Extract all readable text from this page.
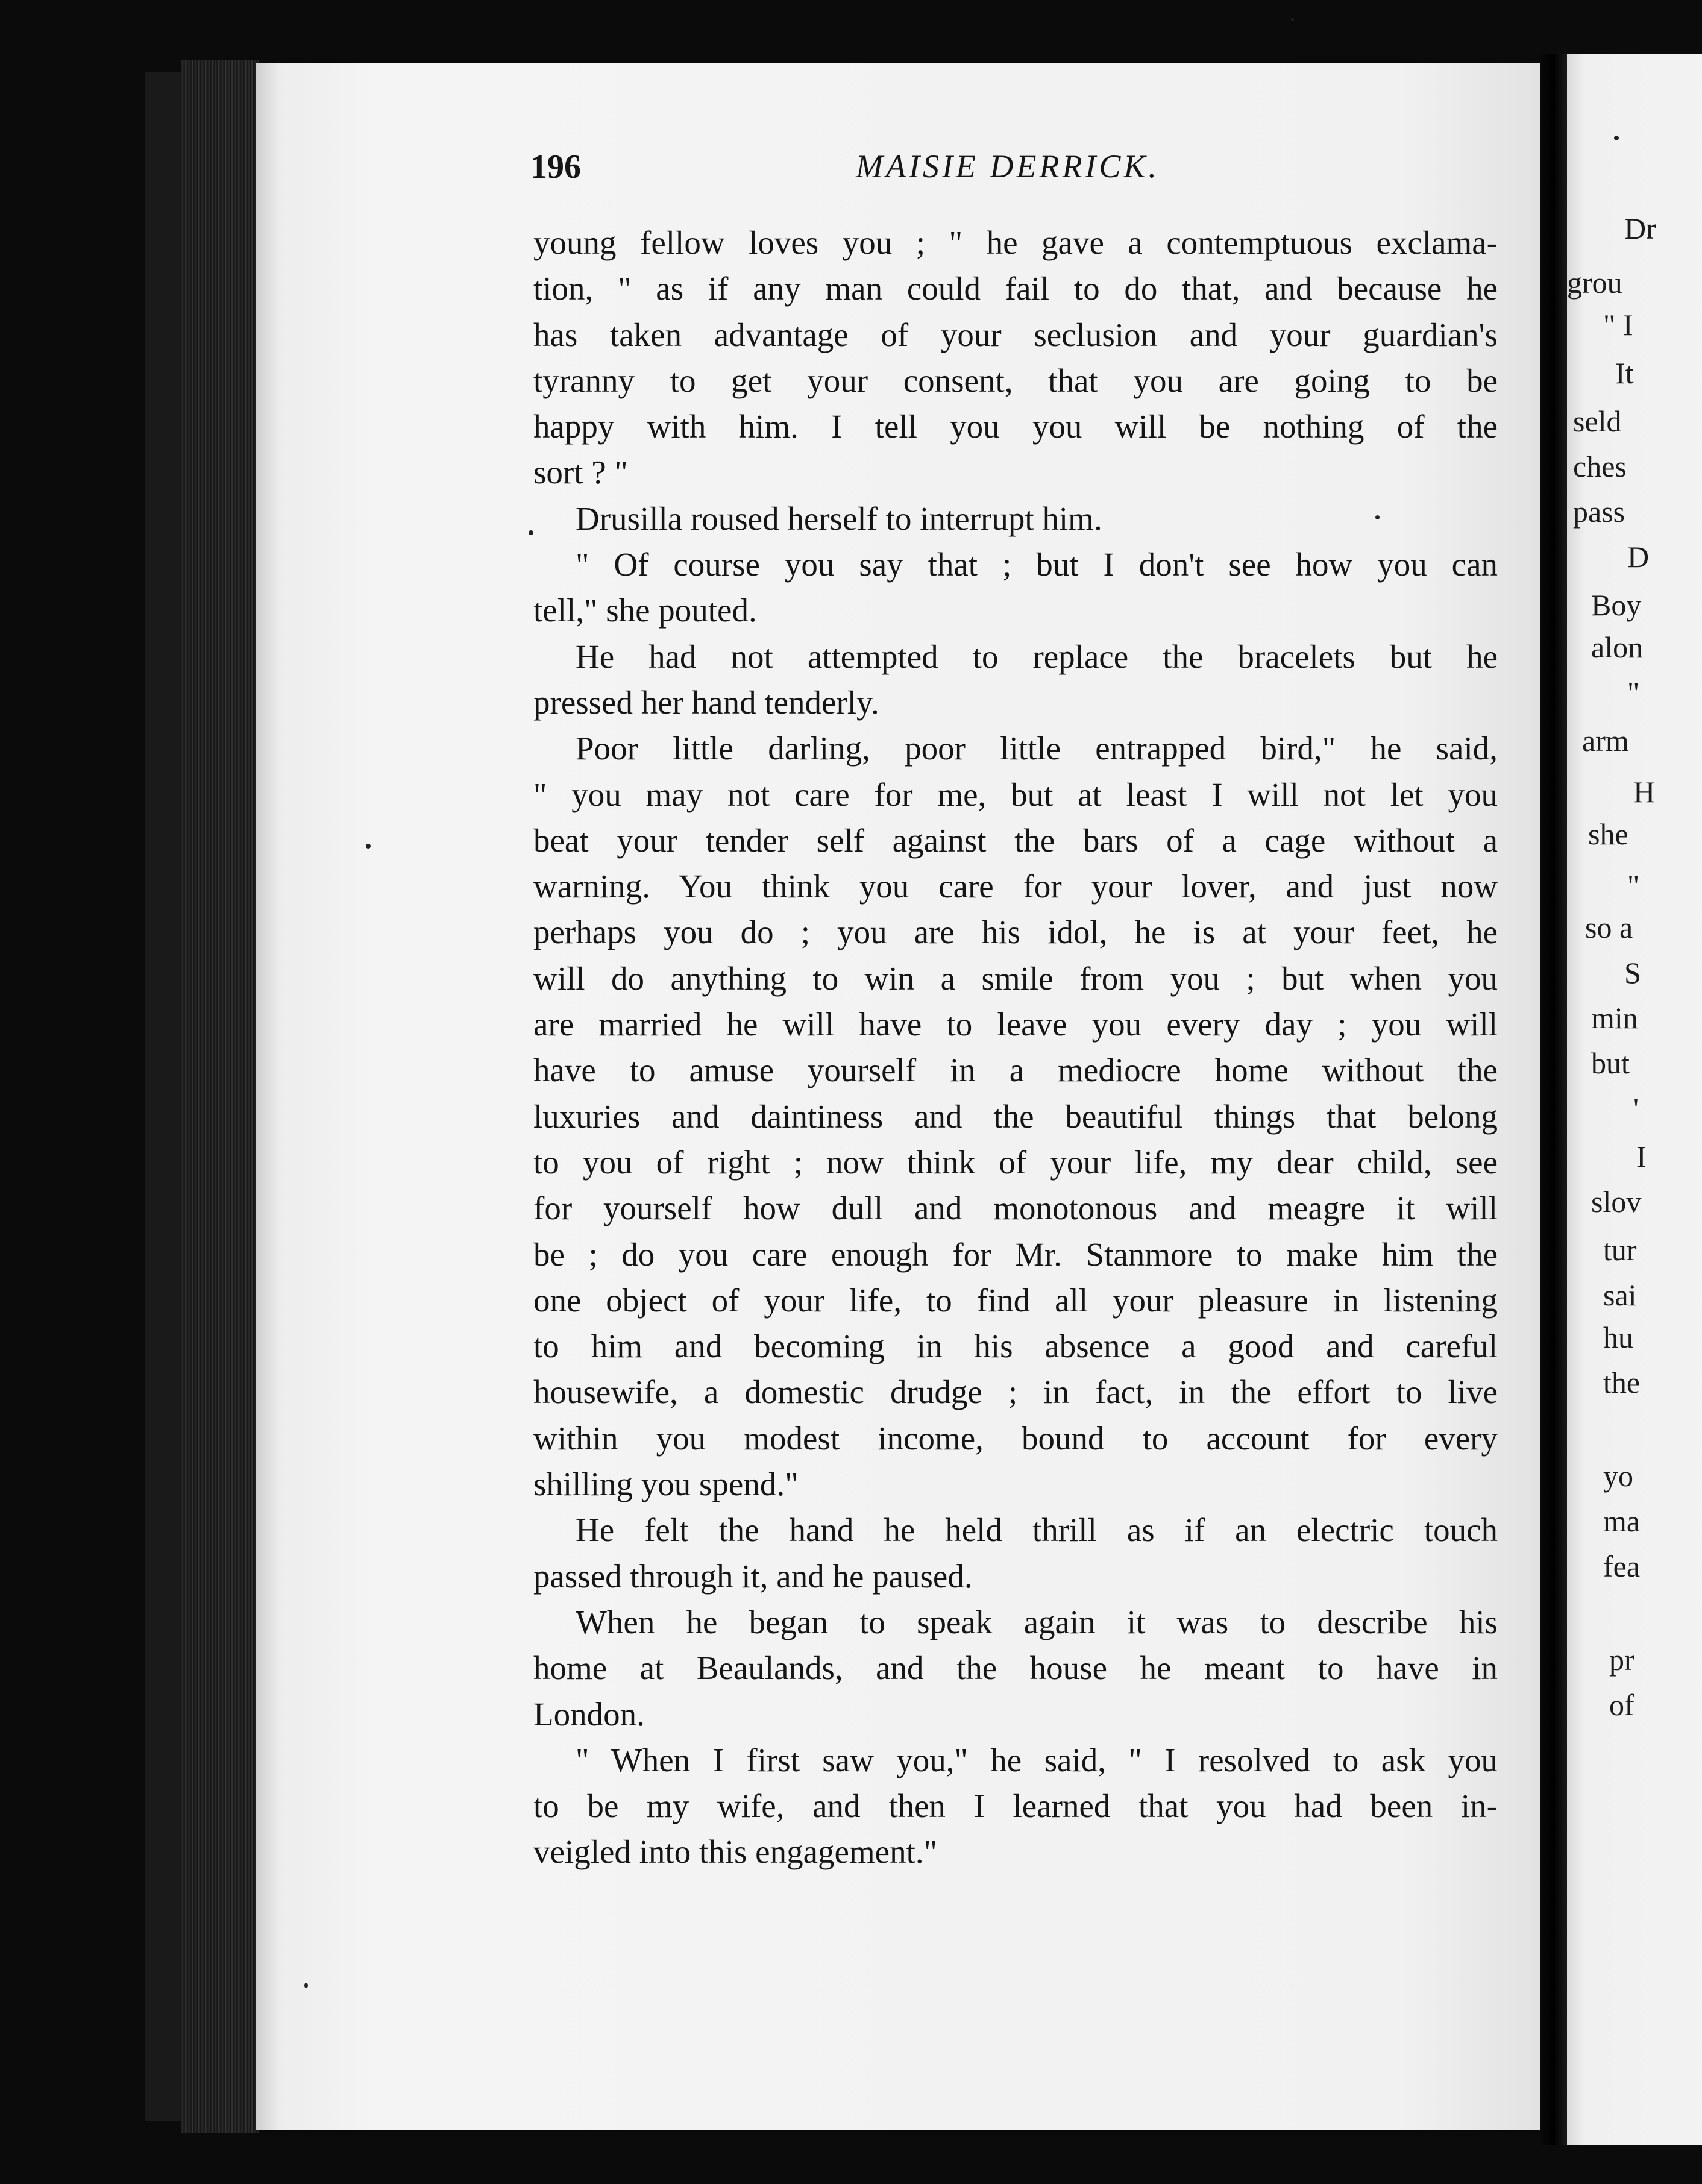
196	MAISIE DERRICK.
young fellow loves you ; " he gave a contemptuous exclama-
tion, " as if any man could fail to do that, and because he
has taken advantage of your seclusion and your guardian's
tyranny to get your consent, that you are going to be
happy with him. I tell you you will be nothing of the
sort ? "
Drusilla roused herself to interrupt him.
" Of course you say that ; but I don't see how you can
tell," she pouted.
He had not attempted to replace the bracelets but he
pressed her hand tenderly.
Poor little darling, poor little entrapped bird," he said,
" you may not care for me, but at least I will not let you
beat your tender self against the bars of a cage without a
warning. You think you care for your lover, and just now
perhaps you do ; you are his idol, he is at your feet, he
will do anything to win a smile from you ; but when you
are married he will have to leave you every day ; you will
have to amuse yourself in a mediocre home without the
luxuries and daintiness and the beautiful things that belong
to you of right ; now think of your life, my dear child, see
for yourself how dull and monotonous and meagre it will
be ; do you care enough for Mr. Stanmore to make him the
one object of your life, to find all your pleasure in listening
to him and becoming in his absence a good and careful
housewife, a domestic drudge ; in fact, in the effort to live
within you modest income, bound to account for every
shilling you spend."
He felt the hand he held thrill as if an electric touch
passed through it, and he paused.
When he began to speak again it was to describe his
home at Beaulands, and the house he meant to have in
London.
" When I first saw you," he said, " I resolved to ask you
to be my wife, and then I learned that you had been in-
veigled into this engagement."
Dr
grou
" I
It
seld
ches
pass
D
Boy
alon
"
arm
H
she
"
so a
S
min
but
'
I
slov
tur
sai
hu
the
yo
ma
fea
pr
of
